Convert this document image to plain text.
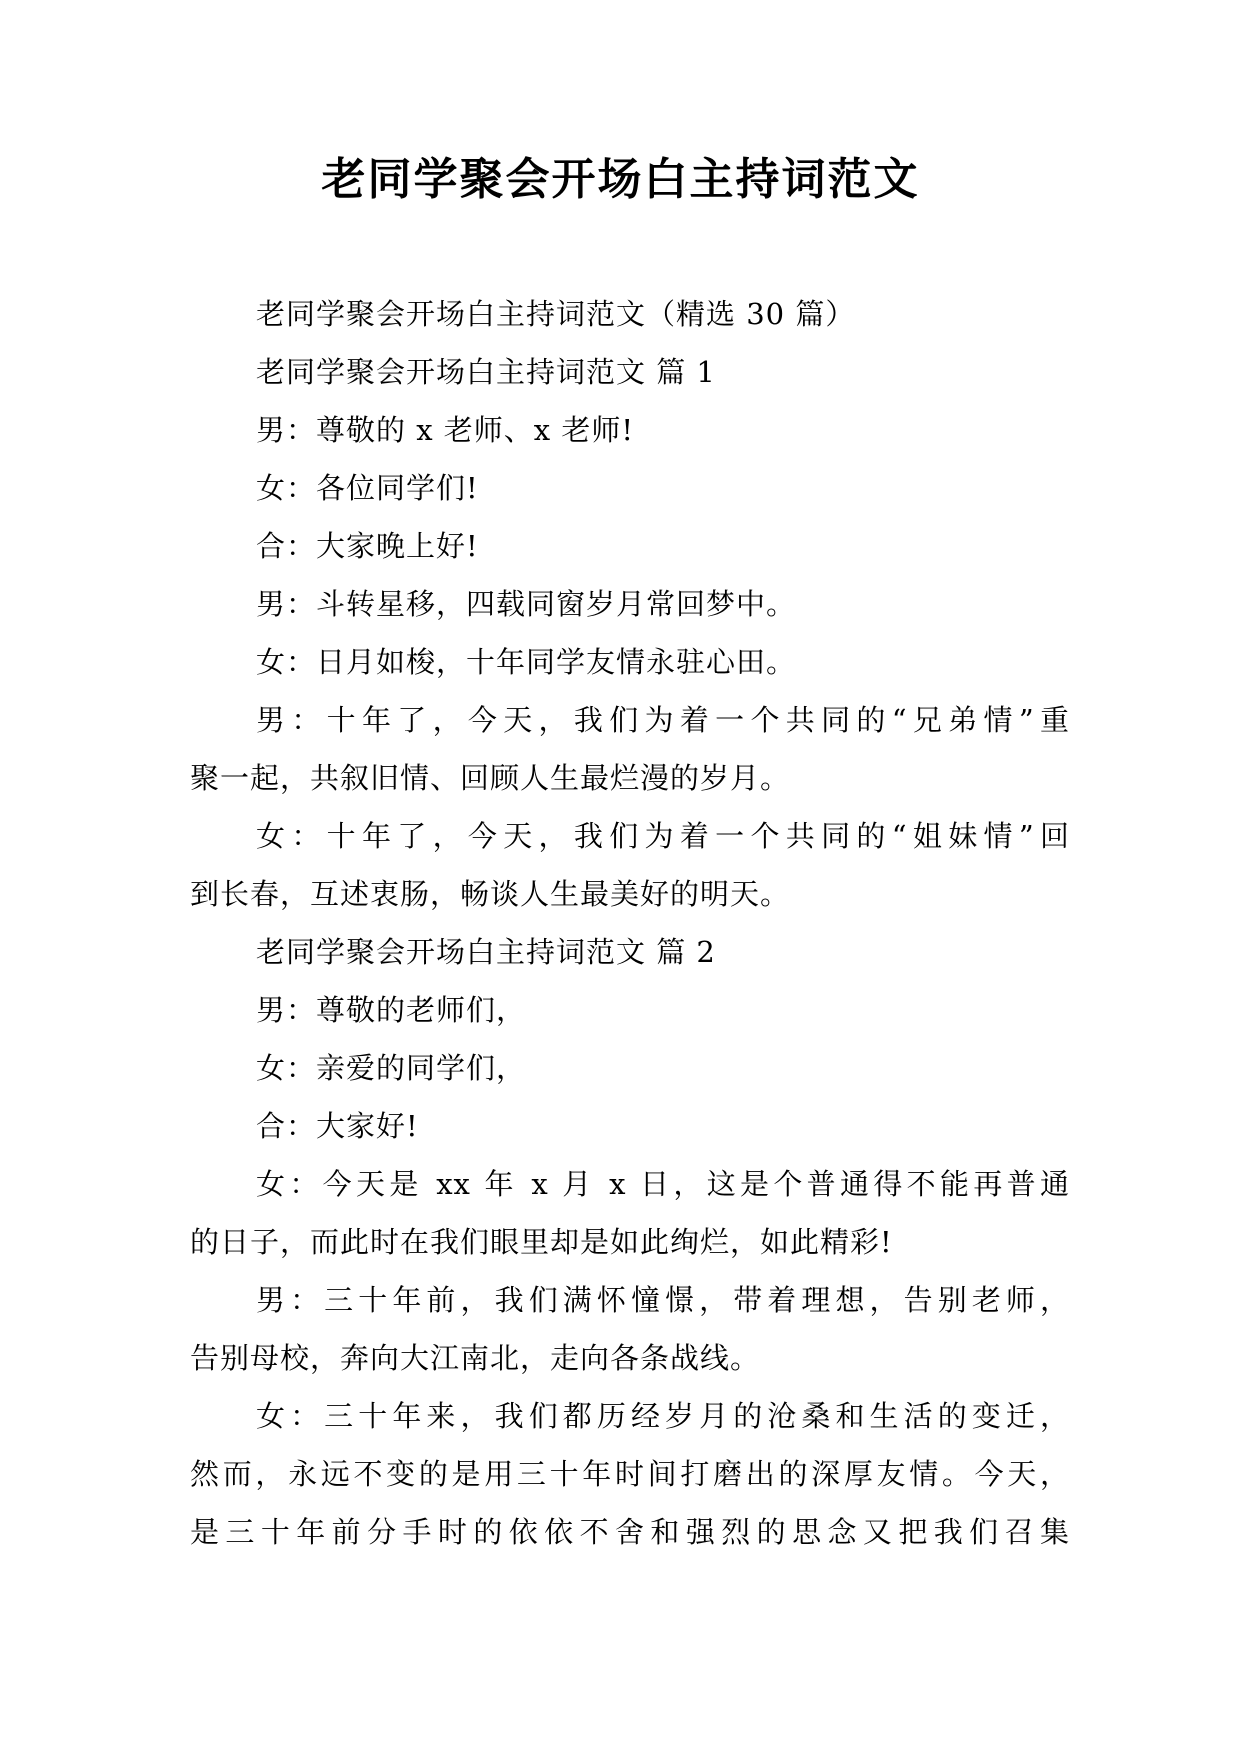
老同学聚会开场白主持词范文
老同学聚会开场白主持词范文（精选 30 篇）
老同学聚会开场白主持词范文 篇 1
男：尊敬的 x 老师、x 老师!
女：各位同学们!
合：大家晚上好!
男：斗转星移，四载同窗岁月常回梦中。
女：日月如梭，十年同学友情永驻心田。
男：十年了，今天，我们为着一个共同的“兄弟情”重
聚一起，共叙旧情、回顾人生最烂漫的岁月。
女：十年了，今天，我们为着一个共同的“姐妹情”回
到长春，互述衷肠，畅谈人生最美好的明天。
老同学聚会开场白主持词范文 篇 2
男：尊敬的老师们，
女：亲爱的同学们，
合：大家好!
女：今天是 xx 年 x 月 x 日，这是个普通得不能再普通
的日子，而此时在我们眼里却是如此绚烂，如此精彩!
男：三十年前，我们满怀憧憬，带着理想，告别老师，
告别母校，奔向大江南北，走向各条战线。
女：三十年来，我们都历经岁月的沧桑和生活的变迁，
然而，永远不变的是用三十年时间打磨出的深厚友情。今天，
是三十年前分手时的依依不舍和强烈的思念又把我们召集
